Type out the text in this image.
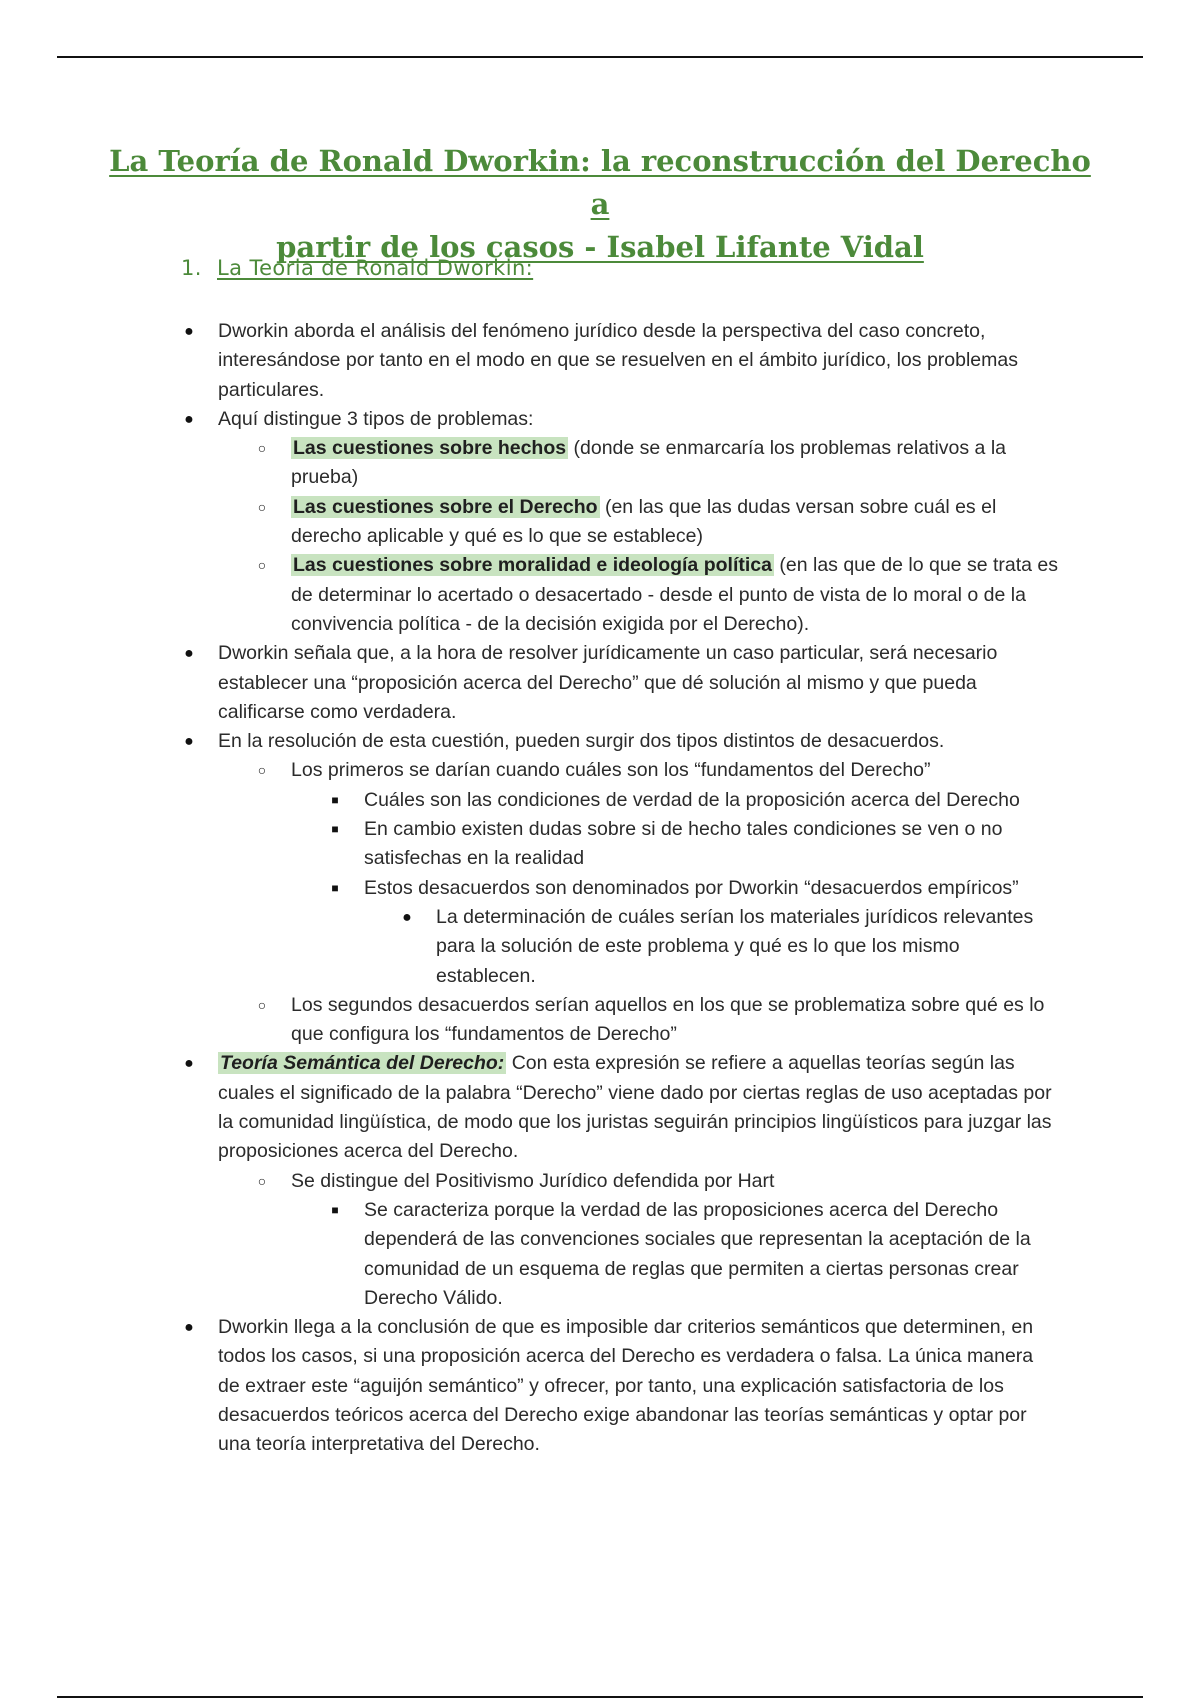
La Teoría de Ronald Dworkin: la reconstrucción del Derecho a
partir de los casos - Isabel Lifante Vidal
1. La Teoria de Ronald Dworkin:
● Dworkin aborda el análisis del fenómeno jurídico desde la perspectiva del caso concreto, interesándose por tanto en el modo en que se resuelven en el ámbito jurídico, los problemas particulares.
● Aquí distingue 3 tipos de problemas:
○ Las cuestiones sobre hechos (donde se enmarcaría los problemas relativos a la prueba)
○ Las cuestiones sobre el Derecho (en las que las dudas versan sobre cuál es el derecho aplicable y qué es lo que se establece)
○ Las cuestiones sobre moralidad e ideología política (en las que de lo que se trata es de determinar lo acertado o desacertado - desde el punto de vista de lo moral o de la convivencia política - de la decisión exigida por el Derecho).
● Dworkin señala que, a la hora de resolver jurídicamente un caso particular, será necesario establecer una “proposición acerca del Derecho” que dé solución al mismo y que pueda calificarse como verdadera.
● En la resolución de esta cuestión, pueden surgir dos tipos distintos de desacuerdos.
○ Los primeros se darían cuando cuáles son los “fundamentos del Derecho”
■	Cuáles son las condiciones de verdad de la proposición acerca del Derecho
■	En cambio existen dudas sobre si de hecho tales condiciones se ven o no satisfechas en la realidad
■	Estos desacuerdos son denominados por Dworkin “desacuerdos empíricos”
● La determinación de cuáles serían los materiales jurídicos relevantes para la solución de este problema y qué es lo que los mismo establecen.
○ Los segundos desacuerdos serían aquellos en los que se problematiza sobre qué es lo que configura los “fundamentos de Derecho”
● Teoría Semántica del Derecho: Con esta expresión se refiere a aquellas teorías según las cuales el significado de la palabra “Derecho” viene dado por ciertas reglas de uso aceptadas por la comunidad lingüística, de modo que los juristas seguirán principios lingüísticos para juzgar las proposiciones acerca del Derecho.
○ Se distingue del Positivismo Jurídico defendida por Hart
■	Se caracteriza porque la verdad de las proposiciones acerca del Derecho dependerá de las convenciones sociales que representan la aceptación de la comunidad de un esquema de reglas que permiten a ciertas personas crear Derecho Válido.
● Dworkin llega a la conclusión de que es imposible dar criterios semánticos que determinen, en todos los casos, si una proposición acerca del Derecho es verdadera o falsa. La única manera de extraer este “aguijón semántico” y ofrecer, por tanto, una explicación satisfactoria de los desacuerdos teóricos acerca del Derecho exige abandonar las teorías semánticas y optar por una teoría interpretativa del Derecho.
